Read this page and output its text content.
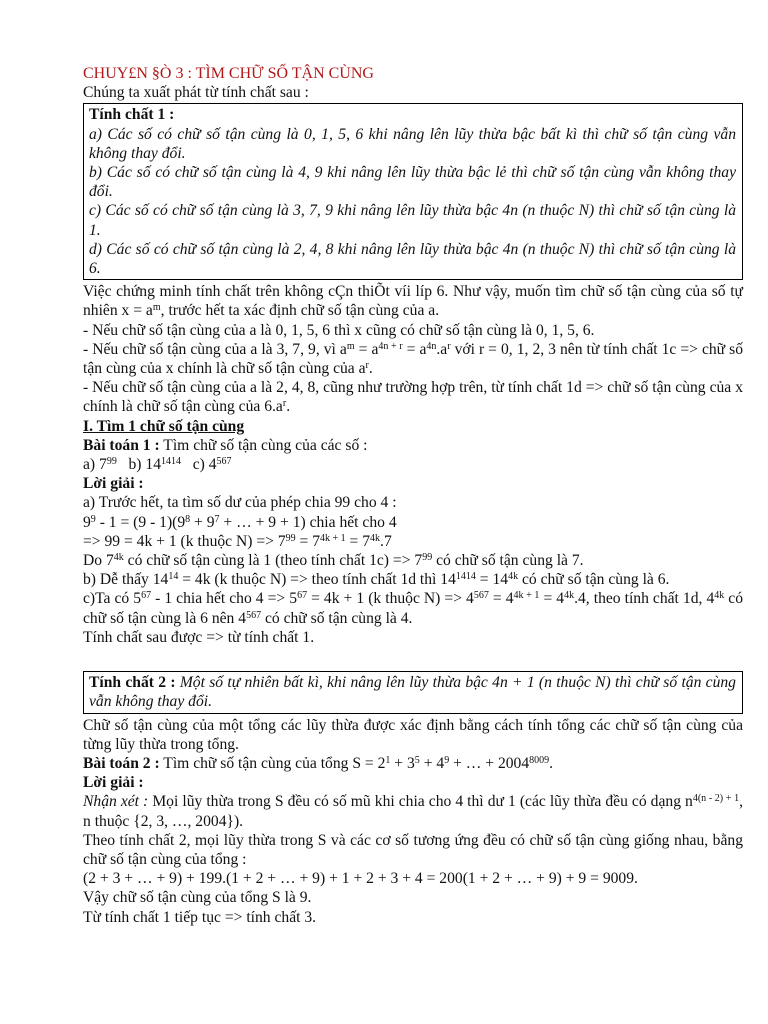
CHUY£N §Ò 3 : TÌM CHỮ SỐ TẬN CÙNG

Chúng ta xuất phát từ tính chất sau :

Tính chất 1 :

a) Các số có chữ số tận cùng là 0, 1, 5, 6 khi nâng lên lũy thừa bậc bất kì thì chữ số tận cùng vẫn không thay đổi.

b) Các số có chữ số tận cùng là 4, 9 khi nâng lên lũy thừa bậc lẻ thì chữ số tận cùng vẫn không thay đổi.

c) Các số có chữ số tận cùng là 3, 7, 9 khi nâng lên lũy thừa bậc 4n (n thuộc N) thì chữ số tận cùng là 1.

d) Các số có chữ số tận cùng là 2, 4, 8 khi nâng lên lũy thừa bậc 4n (n thuộc N) thì chữ số tận cùng là 6.

Việc chứng minh tính chất trên không cÇn thiÕt víi líp 6. Như vậy, muốn tìm chữ số tận cùng của số tự nhiên $x = a^m$, trước hết ta xác định chữ số tận cùng của a.

- Nếu chữ số tận cùng của a là 0, 1, 5, 6 thì x cũng có chữ số tận cùng là 0, 1, 5, 6.

- Nếu chữ số tận cùng của a là 3, 7, 9, vì $a^m = a^{4n + r} = a^{4n}.a^r$ với r = 0, 1, 2, 3 nên từ tính chất 1c => chữ số tận cùng của x chính là chữ số tận cùng của $a^r$.

- Nếu chữ số tận cùng của a là 2, 4, 8, cũng như trường hợp trên, từ tính chất 1d => chữ số tận cùng của x chính là chữ số tận cùng của $6.a^r$.

I. Tìm 1 chữ số tận cùng

Bài toán 1 : Tìm chữ số tận cùng của các số :

a) $7^{99}$   b) $14^{1414}$   c) $4^{567}$

Lời giải :

a) Trước hết, ta tìm số dư của phép chia 99 cho 4 :

$9^9 - 1 = (9 - 1)(9^8 + 9^7$ + … + 9 + 1) chia hết cho 4

=> 99 = 4k + 1 (k thuộc $N) => 7^{99} = 7^{4k + 1} = 7^{4k}.7$

Do $7^{4k}$ có chữ số tận cùng là 1 (theo tính chất $1c) => 7^{99}$ có chữ số tận cùng là 7.

b) Dễ thấy $14^{14} = 4k$ (k thuộc N) => theo tính chất 1d thì $14^{1414} = 14^{4k}$ có chữ số tận cùng là 6.

c)Ta có $5^{67} - 1$ chia hết cho $4 => 5^{67} = 4k + 1$ (k thuộc $N) => 4^{567} = 4^{4k + 1} = 4^{4k}.4$, theo tính chất 1d, $4^{4k}$ có chữ số tận cùng là 6 nên $4^{567}$ có chữ số tận cùng là 4.

Tính chất sau được => từ tính chất 1.

Tính chất 2 : Một số tự nhiên bất kì, khi nâng lên lũy thừa bậc 4n + 1 (n thuộc N) thì chữ số tận cùng vẫn không thay đổi.

Chữ số tận cùng của một tổng các lũy thừa được xác định bằng cách tính tổng các chữ số tận cùng của từng lũy thừa trong tổng.

Bài toán 2 : Tìm chữ số tận cùng của tổng $S = 2^1 + 3^5 + 4^9$ + … + $2004^{8009}$.

Lời giải :

Nhận xét : Mọi lũy thừa trong S đều có số mũ khi chia cho 4 thì dư 1 (các lũy thừa đều có dạng $n^{4(n - 2) + 1}$, n thuộc {2, 3, …, 2004}).

Theo tính chất 2, mọi lũy thừa trong S và các cơ số tương ứng đều có chữ số tận cùng giống nhau, bằng chữ số tận cùng của tổng :

(2 + 3 + … + 9) + 199.(1 + 2 + … + 9) + 1 + 2 + 3 + 4 = 200(1 + 2 + … + 9) + 9 = 9009.

Vậy chữ số tận cùng của tổng S là 9.

Từ tính chất 1 tiếp tục => tính chất 3.
